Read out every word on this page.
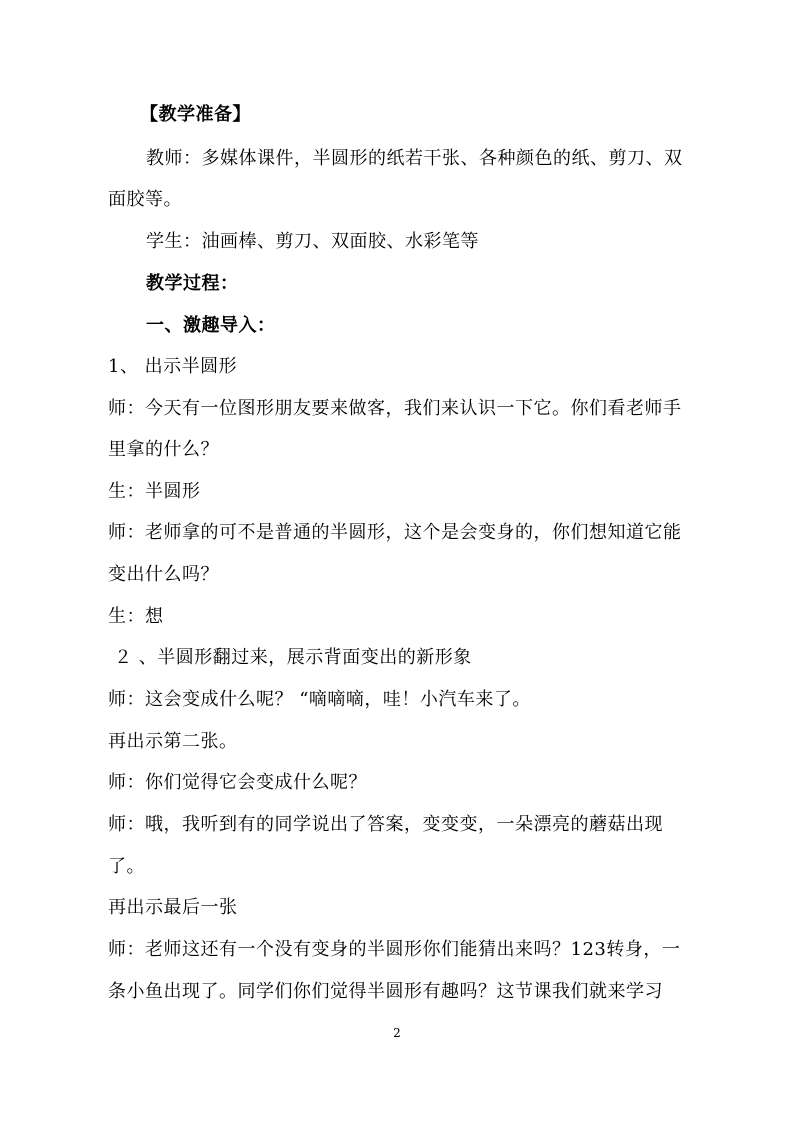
【教学准备】
教师：多媒体课件，半圆形的纸若干张、各种颜色的纸、剪刀、双
面胶等。
学生：油画棒、剪刀、双面胶、水彩笔等
教学过程：
一、激趣导入：
1、 出示半圆形
师：今天有一位图形朋友要来做客，我们来认识一下它。你们看老师手
里拿的什么？
生：半圆形
师：老师拿的可不是普通的半圆形，这个是会变身的，你们想知道它能
变出什么吗？
生：想
２ 、半圆形翻过来，展示背面变出的新形象
师：这会变成什么呢？ “嘀嘀嘀，哇！小汽车来了。
再出示第二张。
师：你们觉得它会变成什么呢？
师：哦，我听到有的同学说出了答案，变变变，一朵漂亮的蘑菇出现
了。
再出示最后一张
师：老师这还有一个没有变身的半圆形你们能猜出来吗？123转身，一
条小鱼出现了。同学们你们觉得半圆形有趣吗？这节课我们就来学习
2
